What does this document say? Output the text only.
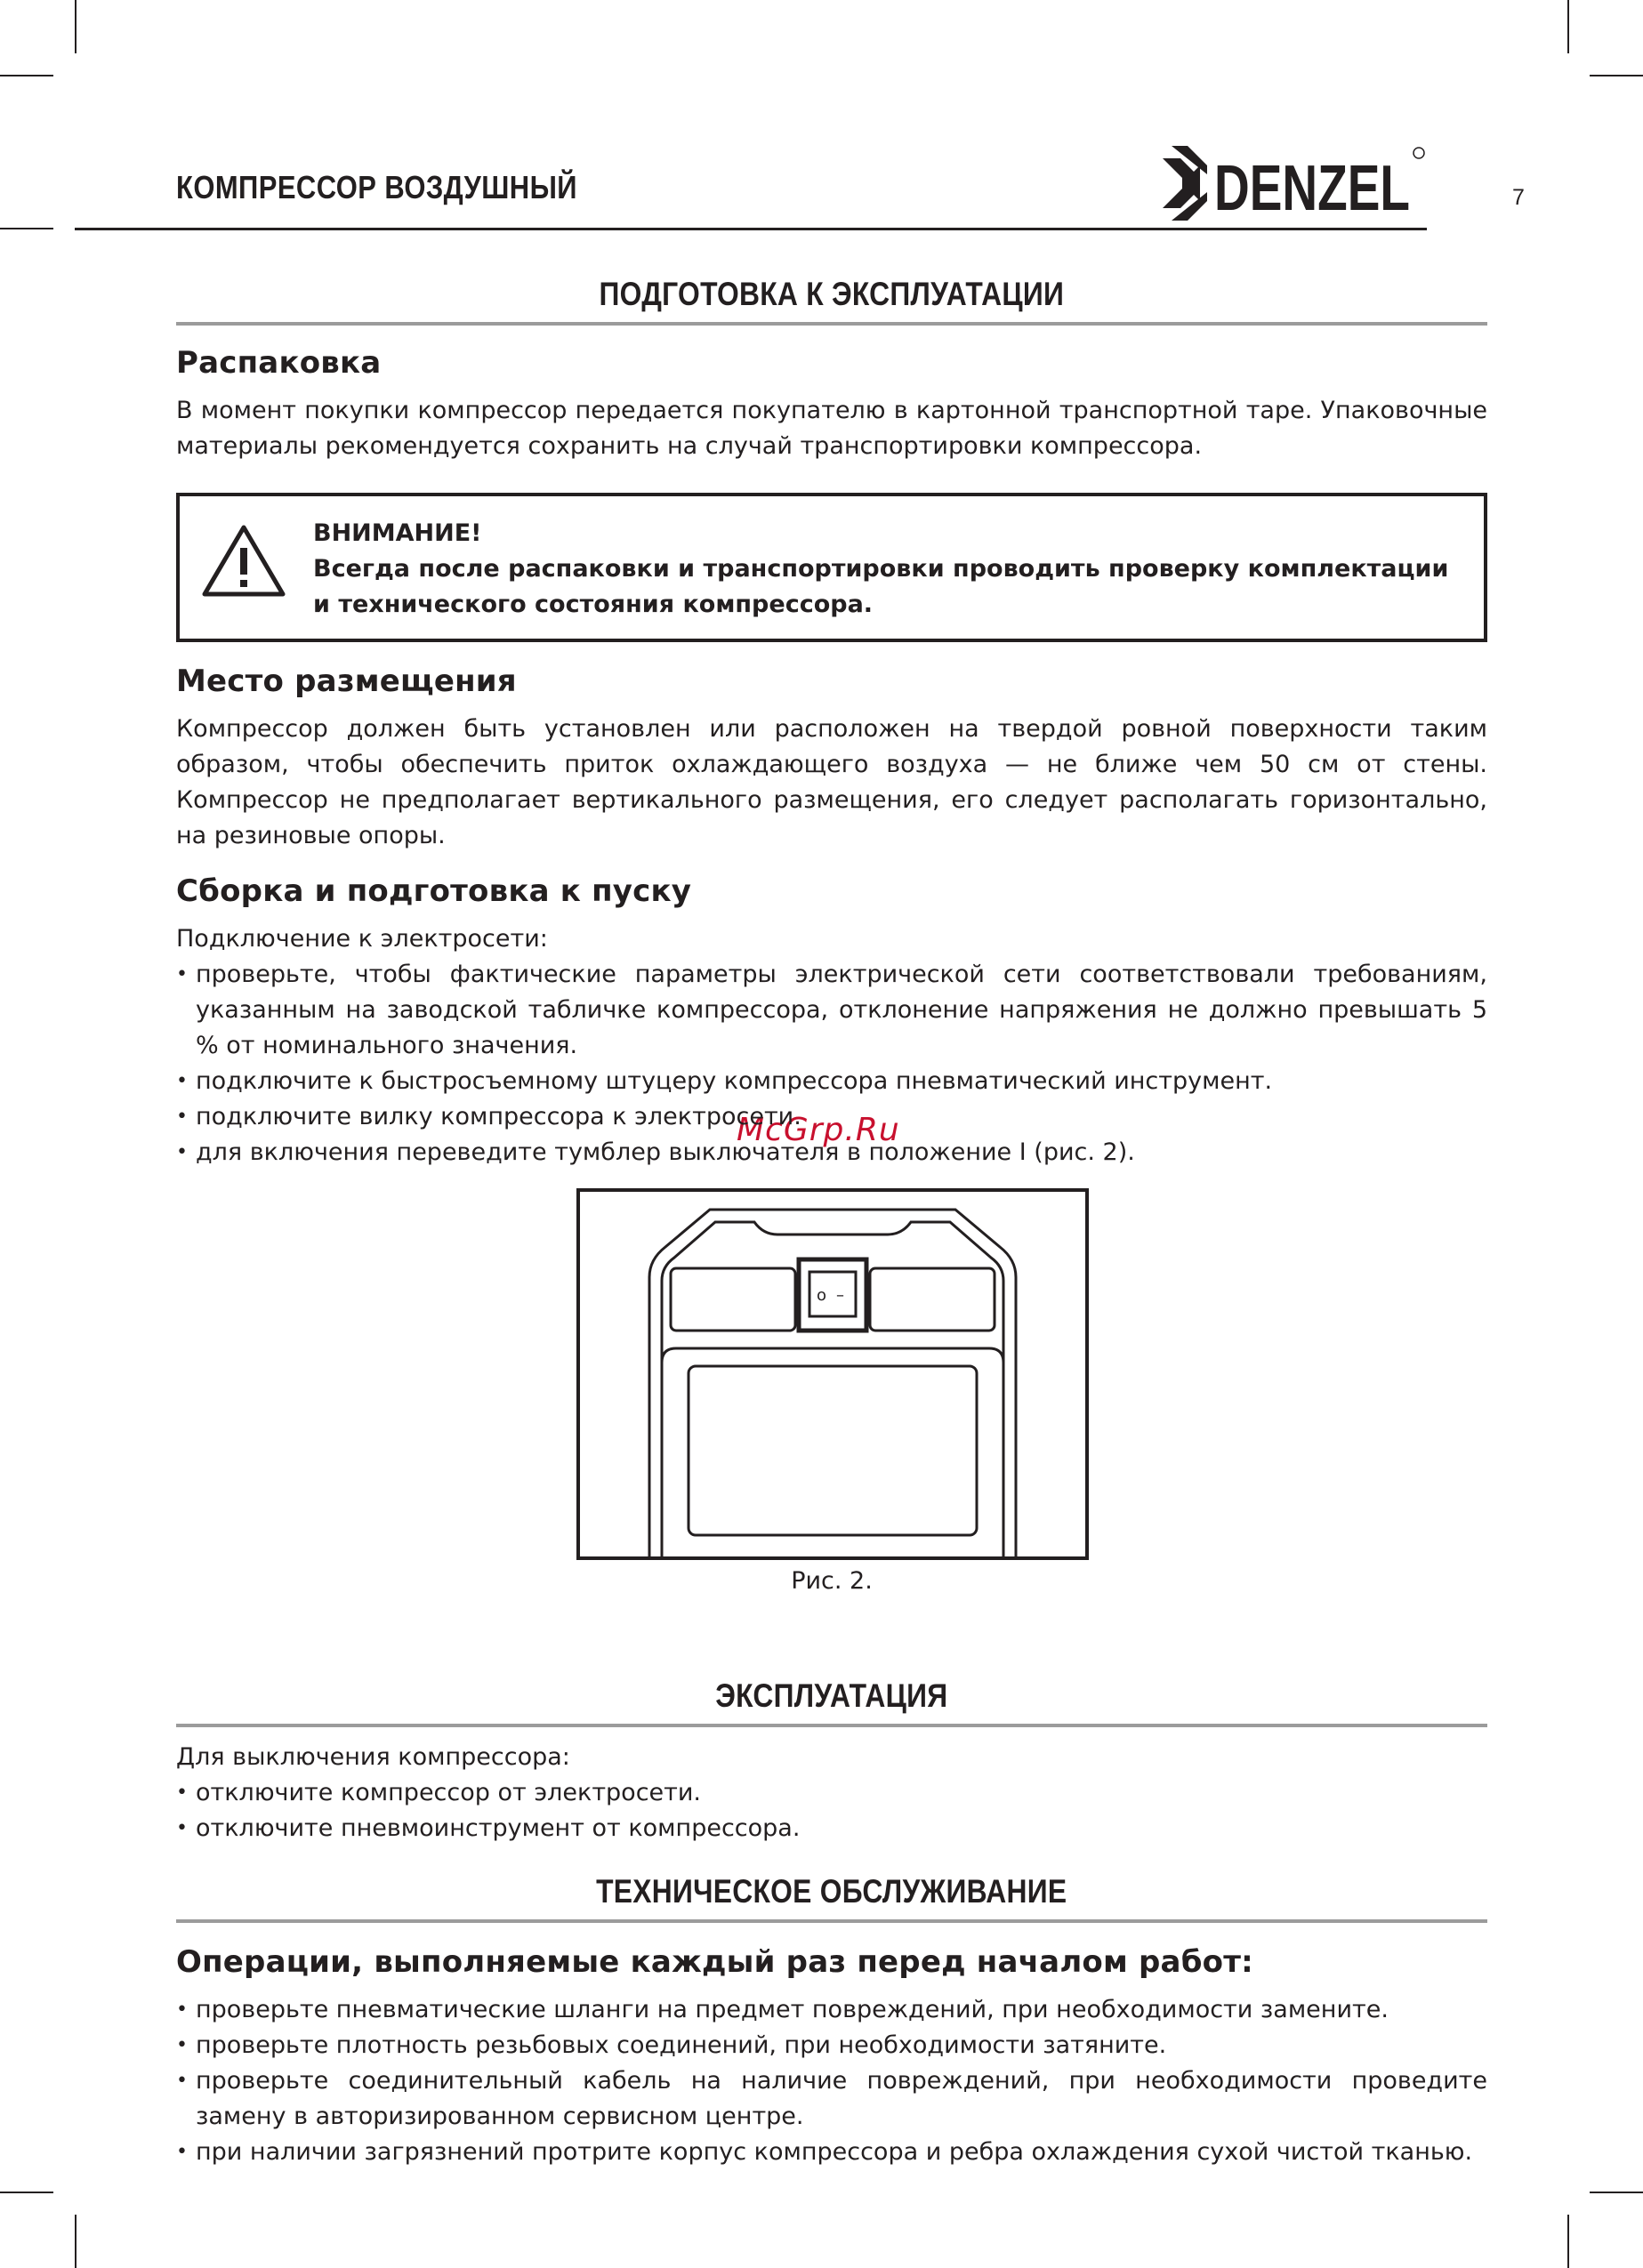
КОМПРЕССОР ВОЗДУШНЫЙ	DENZEL	7
McGrp.Ru
ПОДГОТОВКА К ЭКСПЛУАТАЦИИ
Распаковка

В момент покупки компрессор передается покупателю в картонной транспортной таре. Упаковочные материалы рекомендуется сохранить на случай транспортировки компрессора.

ВНИМАНИЕ!
Всегда после распаковки и транспортировки проводить проверку комплектации и технического состояния компрессора.
Место размещения

Компрессор должен быть установлен или расположен на твердой ровной поверхности таким образом, чтобы обеспечить приток охлаждающего воздуха — не ближе чем 50 см от стены. Компрессор не предполагает вертикального размещения, его следует располагать горизонтально, на резиновые опоры.

Сборка и подготовка к пуску

Подключение к электросети:

• проверьте, чтобы фактические параметры электрической сети соответствовали требованиям, указанным на заводской табличке компрессора, отклонение напряжения не должно превышать 5 % от номинального значения.
• подключите к быстросъемному штуцеру компрессора пневматический инструмент.
• подключите вилку компрессора к электросети.
• для включения переведите тумблер выключателя в положение I (рис. 2).
o –
Рис. 2.
ЭКСПЛУАТАЦИЯ

Для выключения компрессора:

• отключите компрессор от электросети.
• отключите пневмоинструмент от компрессора.
ТЕХНИЧЕСКОЕ ОБСЛУЖИВАНИЕ
Операции, выполняемые каждый раз перед началом работ:
• проверьте пневматические шланги на предмет повреждений, при необходимости замените.
• проверьте плотность резьбовых соединений, при необходимости затяните.
• проверьте соединительный кабель на наличие повреждений, при необходимости проведите замену в авторизированном сервисном центре.
• при наличии загрязнений протрите корпус компрессора и ребра охлаждения сухой чистой тканью.
